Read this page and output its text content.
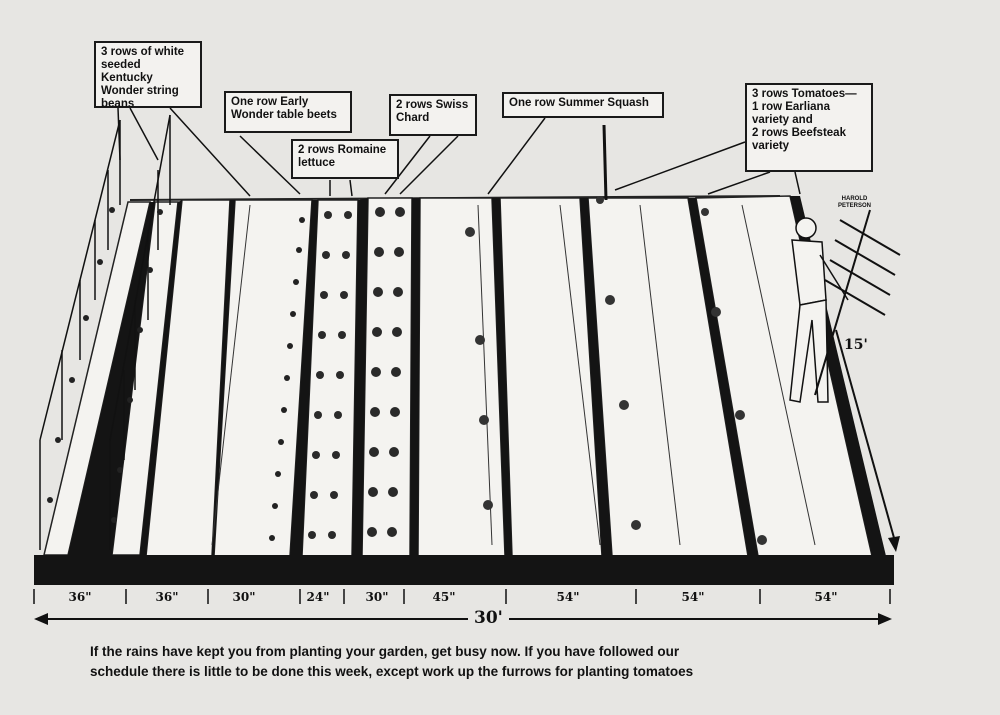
3 rows of white
seeded Kentucky
Wonder string
beans	One row Early
Wonder table beets
2 rows Romaine
lettuce
2 rows Swiss
Chard
One row Summer Squash
3 rows Tomatoes—
1 row Earliana
variety and
2 rows Beefsteak
variety
36"	36"	30"	24"	30"	45"	54"	54"	54"
30'
15'
HAROLD
PETERSON
If the rains have kept you from planting your garden, get busy now. If you have followed our
schedule there is little to be done this week, except work up the furrows for planting tomatoes
